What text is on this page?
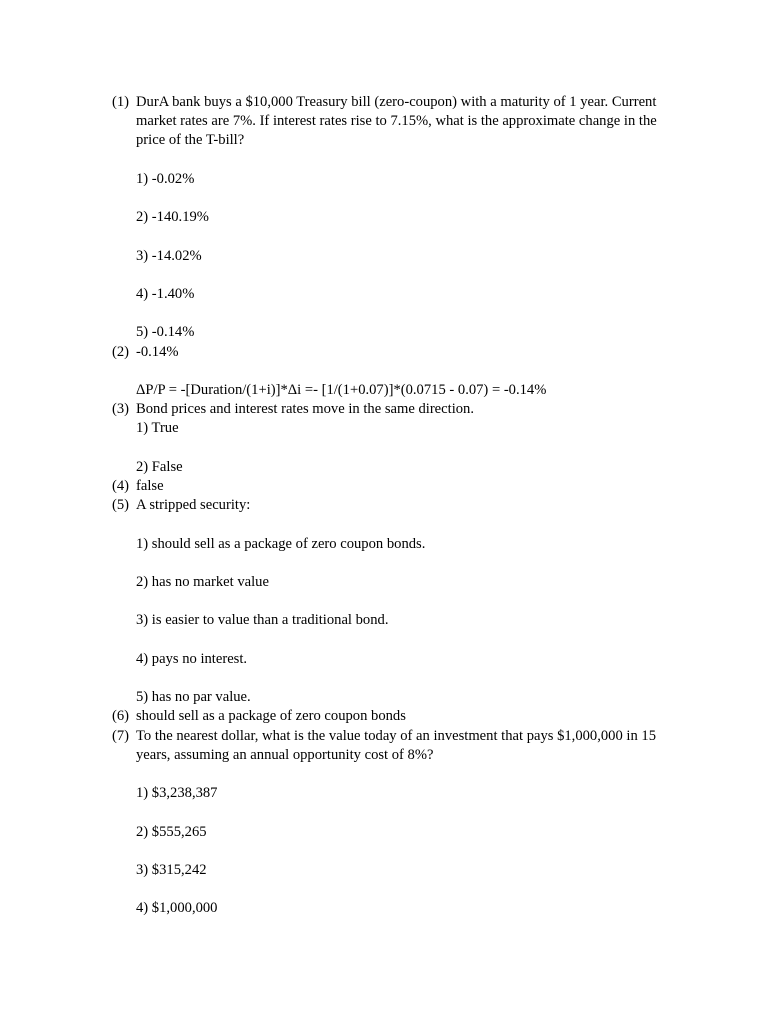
(1) DurA bank buys a $10,000 Treasury bill (zero-coupon) with a maturity of 1 year. Current market rates are 7%. If interest rates rise to 7.15%, what is the approximate change in the price of the T-bill?
1) -0.02%
2) -140.19%
3) -14.02%
4) -1.40%
5) -0.14%
(2) -0.14%
ΔP/P = -[Duration/(1+i)]*Δi =- [1/(1+0.07)]*(0.0715 - 0.07) = -0.14%
(3) Bond prices and interest rates move in the same direction.
1) True
2) False
(4) false
(5) A stripped security:
1) should sell as a package of zero coupon bonds.
2) has no market value
3) is easier to value than a traditional bond.
4) pays no interest.
5) has no par value.
(6) should sell as a package of zero coupon bonds
(7) To the nearest dollar, what is the value today of an investment that pays $1,000,000 in 15 years, assuming an annual opportunity cost of 8%?
1) $3,238,387
2) $555,265
3) $315,242
4) $1,000,000
